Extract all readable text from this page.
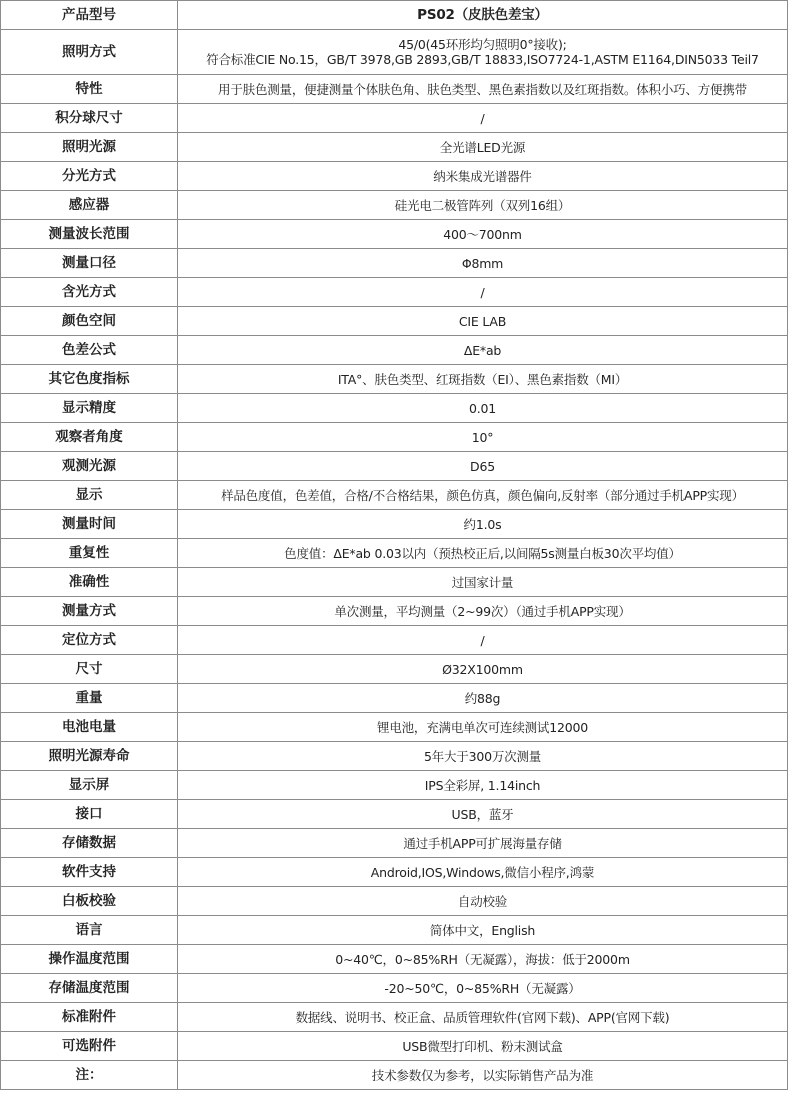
产品型号	PS02（皮肤色差宝）
照明方式	45/0(45环形均匀照明0°接收);
符合标准CIE No.15，GB/T 3978,GB 2893,GB/T 18833,ISO7724-1,ASTM E1164,DIN5033 Teil7

特性	用于肤色测量，便捷测量个体肤色角、肤色类型、黑色素指数以及红斑指数。体积小巧、方便携带
积分球尺寸	/
照明光源	全光谱LED光源
分光方式	纳米集成光谱器件
感应器	硅光电二极管阵列（双列16组）
测量波长范围	400～700nm
测量口径	Φ8mm
含光方式	/
颜色空间	CIE LAB
色差公式	ΔE*ab
其它色度指标	ITA°、肤色类型、红斑指数（EI）、黑色素指数（MI）
显示精度	0.01
观察者角度	10°
观测光源	D65
显示	样品色度值，色差值，合格/不合格结果，颜色仿真，颜色偏向,反射率（部分通过手机APP实现）
测量时间	约1.0s
重复性	色度值：ΔE*ab 0.03以内（预热校正后,以间隔5s测量白板30次平均值）
准确性	过国家计量
测量方式	单次测量，平均测量（2~99次）（通过手机APP实现）
定位方式	/
尺寸	Ø32X100mm
重量	约88g
电池电量	锂电池，充满电单次可连续测试12000
照明光源寿命	5年大于300万次测量
显示屏	IPS全彩屏, 1.14inch
接口	USB，蓝牙
存储数据	通过手机APP可扩展海量存储
软件支持	Android,IOS,Windows,微信小程序,鸿蒙
白板校验	自动校验
语言	简体中文，English
操作温度范围	0~40℃，0~85%RH（无凝露），海拔：低于2000m
存储温度范围	-20~50℃，0~85%RH（无凝露）
标准附件	数据线、说明书、校正盒、品质管理软件(官网下载)、APP(官网下载)
可选附件	USB微型打印机、粉末测试盒
注：	技术参数仅为参考，以实际销售产品为准
